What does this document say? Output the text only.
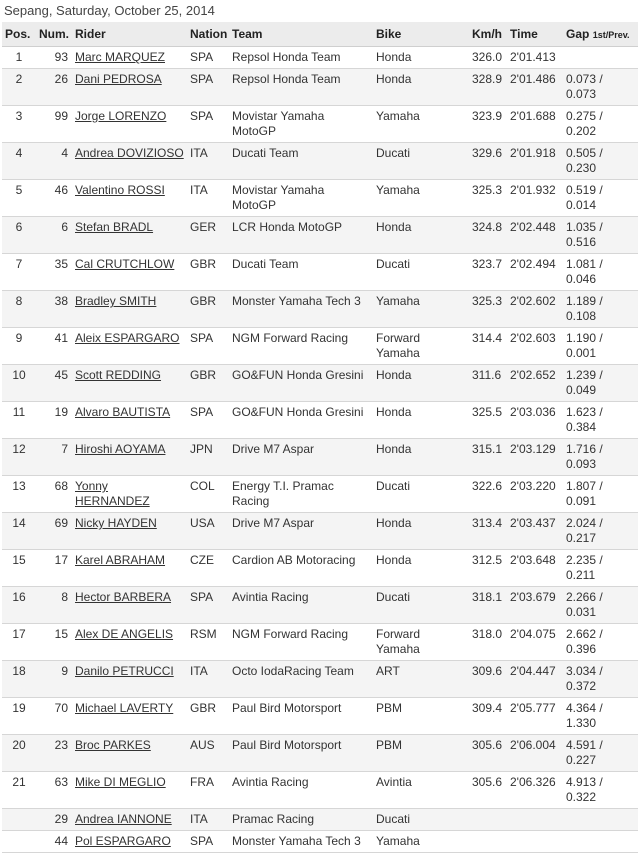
Sepang, Saturday, October 25, 2014
Pos.	Num.	Rider	Nation	Team	Bike	Km/h	Time	Gap 1st/Prev.
1	93	Marc MARQUEZ	SPA	Repsol Honda Team	Honda	326.0	2'01.413	
2	26	Dani PEDROSA	SPA	Repsol Honda Team	Honda	328.9	2'01.486	0.073 / 0.073
3	99	Jorge LORENZO	SPA	Movistar Yamaha MotoGP	Yamaha	323.9	2'01.688	0.275 / 0.202
4	4	Andrea DOVIZIOSO	ITA	Ducati Team	Ducati	329.6	2'01.918	0.505 / 0.230
5	46	Valentino ROSSI	ITA	Movistar Yamaha MotoGP	Yamaha	325.3	2'01.932	0.519 / 0.014
6	6	Stefan BRADL	GER	LCR Honda MotoGP	Honda	324.8	2'02.448	1.035 / 0.516
7	35	Cal CRUTCHLOW	GBR	Ducati Team	Ducati	323.7	2'02.494	1.081 / 0.046
8	38	Bradley SMITH	GBR	Monster Yamaha Tech 3	Yamaha	325.3	2'02.602	1.189 / 0.108
9	41	Aleix ESPARGARO	SPA	NGM Forward Racing	Forward Yamaha	314.4	2'02.603	1.190 / 0.001
10	45	Scott REDDING	GBR	GO&FUN Honda Gresini	Honda	311.6	2'02.652	1.239 / 0.049
11	19	Alvaro BAUTISTA	SPA	GO&FUN Honda Gresini	Honda	325.5	2'03.036	1.623 / 0.384
12	7	Hiroshi AOYAMA	JPN	Drive M7 Aspar	Honda	315.1	2'03.129	1.716 / 0.093
13	68	Yonny HERNANDEZ	COL	Energy T.I. Pramac Racing	Ducati	322.6	2'03.220	1.807 / 0.091
14	69	Nicky HAYDEN	USA	Drive M7 Aspar	Honda	313.4	2'03.437	2.024 / 0.217
15	17	Karel ABRAHAM	CZE	Cardion AB Motoracing	Honda	312.5	2'03.648	2.235 / 0.211
16	8	Hector BARBERA	SPA	Avintia Racing	Ducati	318.1	2'03.679	2.266 / 0.031
17	15	Alex DE ANGELIS	RSM	NGM Forward Racing	Forward Yamaha	318.0	2'04.075	2.662 / 0.396
18	9	Danilo PETRUCCI	ITA	Octo IodaRacing Team	ART	309.6	2'04.447	3.034 / 0.372
19	70	Michael LAVERTY	GBR	Paul Bird Motorsport	PBM	309.4	2'05.777	4.364 / 1.330
20	23	Broc PARKES	AUS	Paul Bird Motorsport	PBM	305.6	2'06.004	4.591 / 0.227
21	63	Mike DI MEGLIO	FRA	Avintia Racing	Avintia	305.6	2'06.326	4.913 / 0.322
	29	Andrea IANNONE	ITA	Pramac Racing	Ducati			
	44	Pol ESPARGARO	SPA	Monster Yamaha Tech 3	Yamaha			
